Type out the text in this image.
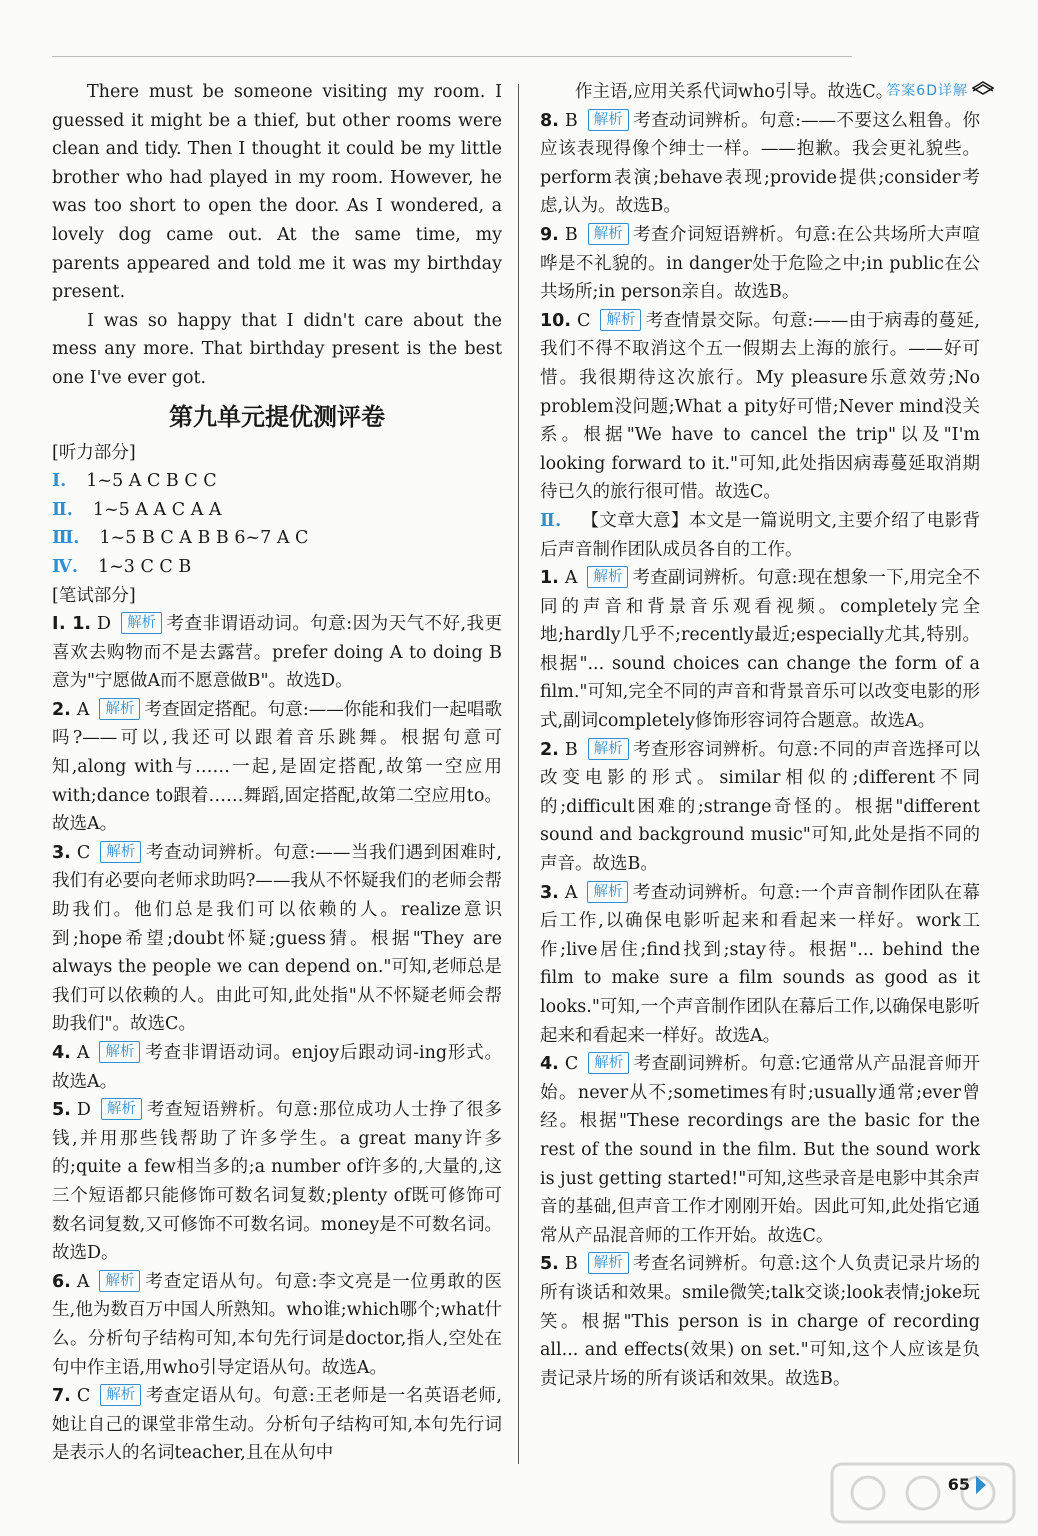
答案6D详解

There must be someone visiting my room. I guessed it might be a thief, but other rooms were clean and tidy. Then I thought it could be my little brother who had played in my room. However, he was too short to open the door. As I wondered, a lovely dog came out. At the same time, my parents appeared and told me it was my birthday present.

I was so happy that I didn't care about the mess any more. That birthday present is the best one I've ever got.

第九单元提优测评卷

[听力部分]

Ⅰ. 1~5 A C B C C

Ⅱ. 1~5 A A C A A

Ⅲ. 1~5 B C A B B 6~7 A C

Ⅳ. 1~3 C C B

[笔试部分]

Ⅰ. 1. D 解析 考查非谓语动词。句意:因为天气不好,我更喜欢去购物而不是去露营。prefer doing A to doing B意为"宁愿做A而不愿意做B"。故选D。

2. A 解析 考查固定搭配。句意:——你能和我们一起唱歌吗?——可以,我还可以跟着音乐跳舞。根据句意可知,along with与……一起,是固定搭配,故第一空应用with;dance to跟着……舞蹈,固定搭配,故第二空应用to。故选A。

3. C 解析 考查动词辨析。句意:——当我们遇到困难时,我们有必要向老师求助吗?——我从不怀疑我们的老师会帮助我们。他们总是我们可以依赖的人。realize意识到;hope希望;doubt怀疑;guess猜。根据"They are always the people we can depend on."可知,老师总是我们可以依赖的人。由此可知,此处指"从不怀疑老师会帮助我们"。故选C。

4. A 解析 考查非谓语动词。enjoy后跟动词-ing形式。故选A。

5. D 解析 考查短语辨析。句意:那位成功人士挣了很多钱,并用那些钱帮助了许多学生。a great many许多的;quite a few相当多的;a number of许多的,大量的,这三个短语都只能修饰可数名词复数;plenty of既可修饰可数名词复数,又可修饰不可数名词。money是不可数名词。故选D。

6. A 解析 考查定语从句。句意:李文亮是一位勇敢的医生,他为数百万中国人所熟知。who谁;which哪个;what什么。分析句子结构可知,本句先行词是doctor,指人,空处在句中作主语,用who引导定语从句。故选A。

7. C 解析 考查定语从句。句意:王老师是一名英语老师,她让自己的课堂非常生动。分析句子结构可知,本句先行词是表示人的名词teacher,且在从句中

作主语,应用关系代词who引导。故选C。

8. B 解析 考查动词辨析。句意:——不要这么粗鲁。你应该表现得像个绅士一样。——抱歉。我会更礼貌些。perform表演;behave表现;provide提供;consider考虑,认为。故选B。

9. B 解析 考查介词短语辨析。句意:在公共场所大声喧哗是不礼貌的。in danger处于危险之中;in public在公共场所;in person亲自。故选B。

10. C 解析 考查情景交际。句意:——由于病毒的蔓延,我们不得不取消这个五一假期去上海的旅行。——好可惜。我很期待这次旅行。My pleasure乐意效劳;No problem没问题;What a pity好可惜;Never mind没关系。根据"We have to cancel the trip"以及"I'm looking forward to it."可知,此处指因病毒蔓延取消期待已久的旅行很可惜。故选C。

Ⅱ. 【文章大意】本文是一篇说明文,主要介绍了电影背后声音制作团队成员各自的工作。

1. A 解析 考查副词辨析。句意:现在想象一下,用完全不同的声音和背景音乐观看视频。completely完全地;hardly几乎不;recently最近;especially尤其,特别。根据"... sound choices can change the form of a film."可知,完全不同的声音和背景音乐可以改变电影的形式,副词completely修饰形容词符合题意。故选A。

2. B 解析 考查形容词辨析。句意:不同的声音选择可以改变电影的形式。similar相似的;different不同的;difficult困难的;strange奇怪的。根据"different sound and background music"可知,此处是指不同的声音。故选B。

3. A 解析 考查动词辨析。句意:一个声音制作团队在幕后工作,以确保电影听起来和看起来一样好。work工作;live居住;find找到;stay待。根据"... behind the film to make sure a film sounds as good as it looks."可知,一个声音制作团队在幕后工作,以确保电影听起来和看起来一样好。故选A。

4. C 解析 考查副词辨析。句意:它通常从产品混音师开始。never从不;sometimes有时;usually通常;ever曾经。根据"These recordings are the basic for the rest of the sound in the film. But the sound work is just getting started!"可知,这些录音是电影中其余声音的基础,但声音工作才刚刚开始。因此可知,此处指它通常从产品混音师的工作开始。故选C。

5. B 解析 考查名词辨析。句意:这个人负责记录片场的所有谈话和效果。smile微笑;talk交谈;look表情;joke玩笑。根据"This person is in charge of recording all... and effects(效果) on set."可知,这个人应该是负责记录片场的所有谈话和效果。故选B。

65
